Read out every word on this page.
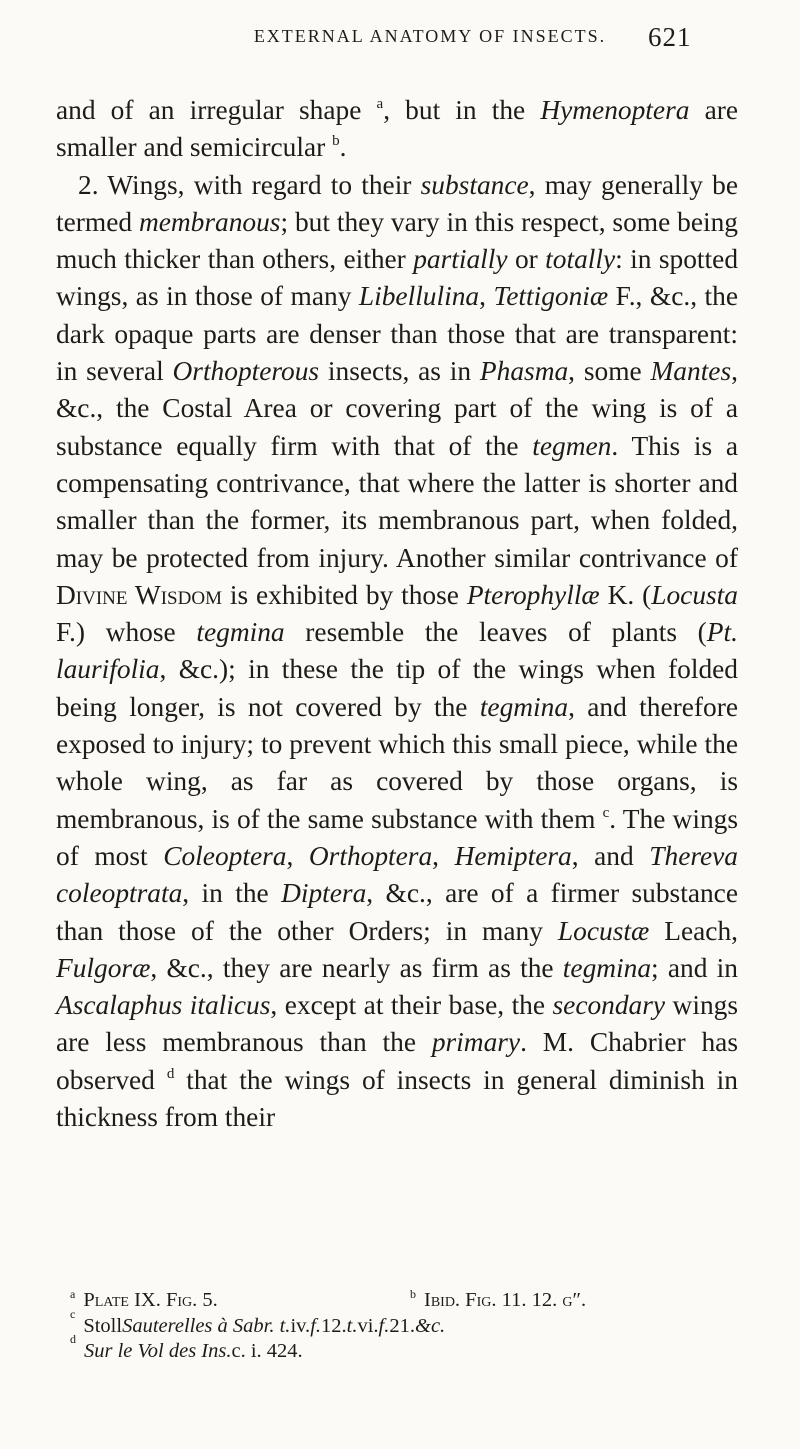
EXTERNAL ANATOMY OF INSECTS.	621

and of an irregular shape $^a$, but in the Hymenoptera are smaller and semicircular $^b$.

2. Wings, with regard to their substance, may generally be termed membranous; but they vary in this respect, some being much thicker than others, either partially or totally: in spotted wings, as in those of many Libellulina, Tettigoniæ F., &c., the dark opaque parts are denser than those that are transparent: in several Orthopterous insects, as in Phasma, some Mantes, &c., the Costal Area or covering part of the wing is of a substance equally firm with that of the tegmen. This is a compensating contrivance, that where the latter is shorter and smaller than the former, its membranous part, when folded, may be protected from injury. Another similar contrivance of Divine Wisdom is exhibited by those Pterophyllæ K. (Locusta F.) whose tegmina resemble the leaves of plants (Pt. laurifolia, &c.); in these the tip of the wings when folded being longer, is not covered by the tegmina, and therefore exposed to injury; to prevent which this small piece, while the whole wing, as far as covered by those organs, is membranous, is of the same substance with them $^c$. The wings of most Coleoptera, Orthoptera, Hemiptera, and Thereva coleoptrata, in the Diptera, &c., are of a firmer substance than those of the other Orders; in many Locustæ Leach, Fulgoræ, &c., they are nearly as firm as the tegmina; and in Ascalaphus italicus, except at their base, the secondary wings are less membranous than the primary. M. Chabrier has observed $^d$ that the wings of insects in general diminish in thickness from their

$^a$ Plate IX. Fig. 5.	$^b$ Ibid. Fig. 11. 12. g″.
c
Stoll Sauterelles à Sabr. t. iv. f. 12. t. vi. f. 21. &c.
d
Sur le Vol des Ins. c. i. 424.
